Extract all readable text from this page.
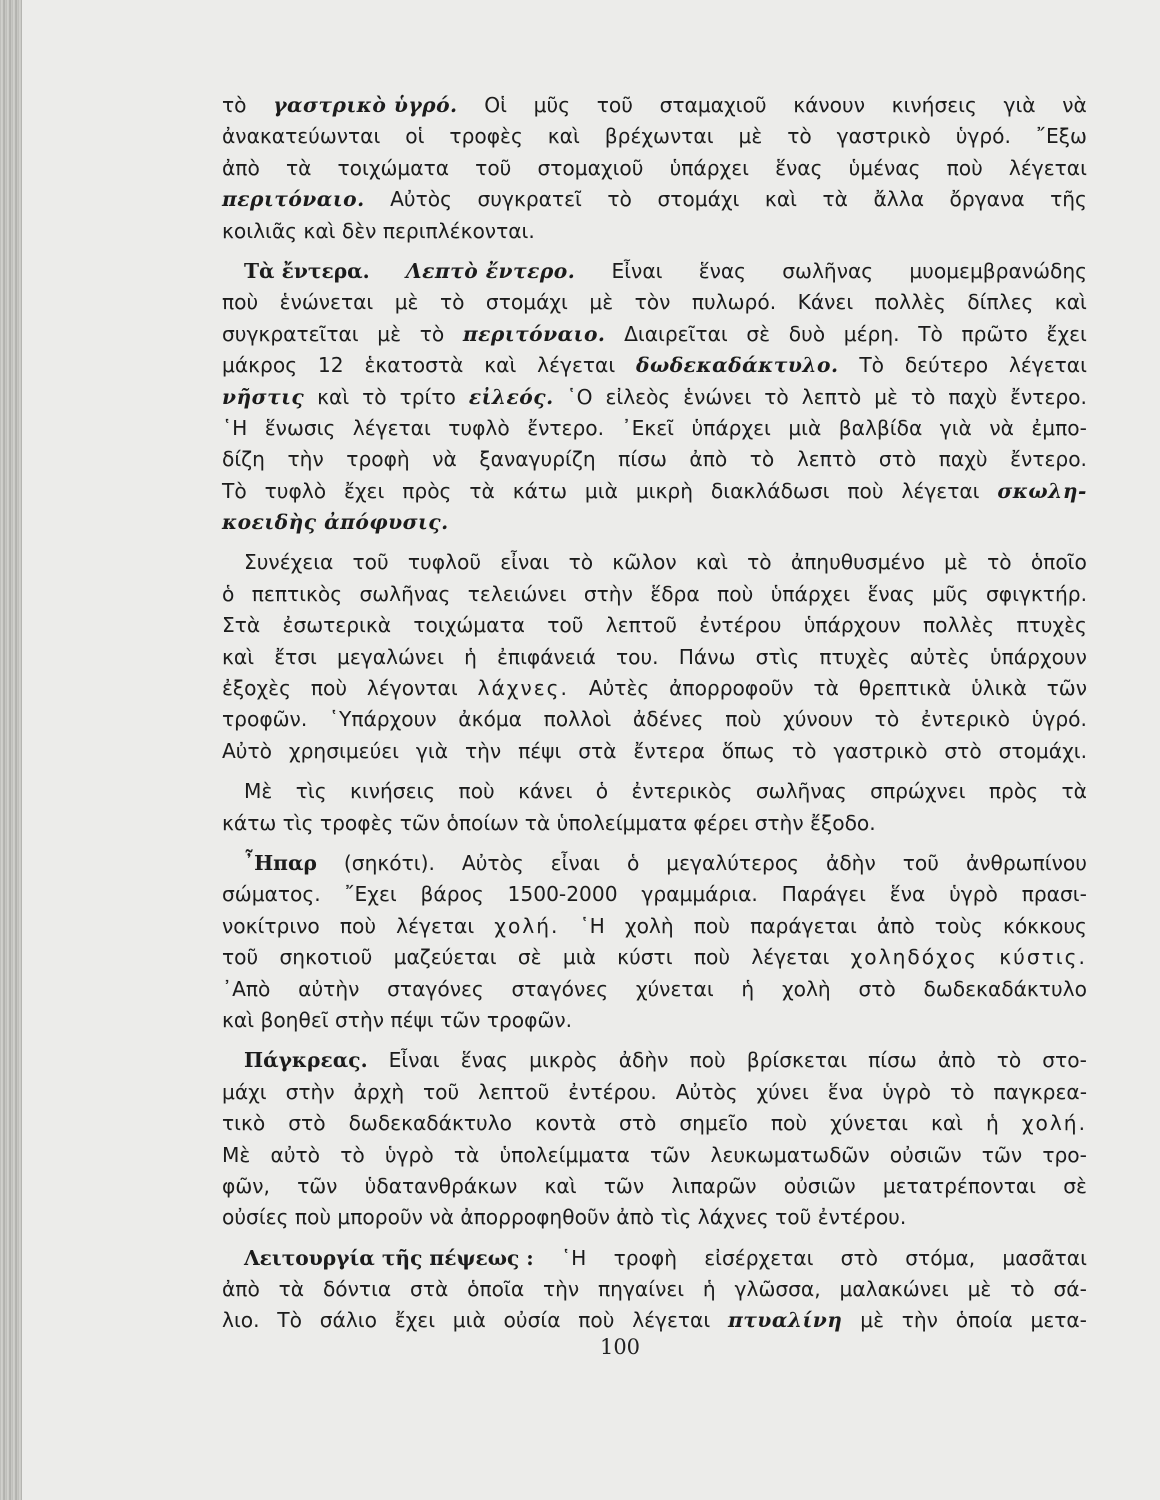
τὸ γαστρικὸ ὑγρό. Οἱ μῦς τοῦ σταμαχιοῦ κάνουν κινήσεις γιὰ νὰ
ἀνακατεύωνται οἱ τροφὲς καὶ βρέχωνται μὲ τὸ γαστρικὸ ὑγρό. ῎Εξω
ἀπὸ τὰ τοιχώματα τοῦ στομαχιοῦ ὑπάρχει ἕνας ὑμένας ποὺ λέγεται
περιτόναιο. Αὐτὸς συγκρατεῖ τὸ στομάχι καὶ τὰ ἄλλα ὄργανα τῆς
κοιλιᾶς καὶ δὲν περιπλέκονται.
Τὰ ἔντερα. Λεπτὸ ἔντερο. Εἶναι ἕνας σωλῆνας μυομεμβρανώδης
ποὺ ἑνώνεται μὲ τὸ στομάχι μὲ τὸν πυλωρό. Κάνει πολλὲς δίπλες καὶ
συγκρατεῖται μὲ τὸ περιτόναιο. Διαιρεῖται σὲ δυὸ μέρη. Τὸ πρῶτο ἔχει
μάκρος 12 ἑκατοστὰ καὶ λέγεται δωδεκαδάκτυλο. Τὸ δεύτερο λέγεται
νῆστις καὶ τὸ τρίτο εἰλεός. ῾Ο εἰλεὸς ἑνώνει τὸ λεπτὸ μὲ τὸ παχὺ ἔντερο.
῾Η ἕνωσις λέγεται τυφλὸ ἔντερο. ᾿Εκεῖ ὑπάρχει μιὰ βαλβίδα γιὰ νὰ ἐμπο-
δίζη τὴν τροφὴ νὰ ξαναγυρίζη πίσω ἀπὸ τὸ λεπτὸ στὸ παχὺ ἔντερο.
Τὸ τυφλὸ ἔχει πρὸς τὰ κάτω μιὰ μικρὴ διακλάδωσι ποὺ λέγεται σκωλη-
κοειδὴς ἀπόφυσις.
Συνέχεια τοῦ τυφλοῦ εἶναι τὸ κῶλον καὶ τὸ ἀπηυθυσμένο μὲ τὸ ὁποῖο
ὁ πεπτικὸς σωλῆνας τελειώνει στὴν ἕδρα ποὺ ὑπάρχει ἕνας μῦς σφιγκτήρ.
Στὰ ἐσωτερικὰ τοιχώματα τοῦ λεπτοῦ ἐντέρου ὑπάρχουν πολλὲς πτυχὲς
καὶ ἔτσι μεγαλώνει ἡ ἐπιφάνειά του. Πάνω στὶς πτυχὲς αὐτὲς ὑπάρχουν
ἐξοχὲς ποὺ λέγονται λάχνες. Αὐτὲς ἀπορροφοῦν τὰ θρεπτικὰ ὑλικὰ τῶν
τροφῶν. ῾Υπάρχουν ἀκόμα πολλοὶ ἀδένες ποὺ χύνουν τὸ ἐντερικὸ ὑγρό.
Αὐτὸ χρησιμεύει γιὰ τὴν πέψι στὰ ἔντερα ὅπως τὸ γαστρικὸ στὸ στομάχι.
Μὲ τὶς κινήσεις ποὺ κάνει ὁ ἐντερικὸς σωλῆνας σπρώχνει πρὸς τὰ
κάτω τὶς τροφὲς τῶν ὁποίων τὰ ὑπολείμματα φέρει στὴν ἔξοδο.
῏Ηπαρ (σηκότι). Αὐτὸς εἶναι ὁ μεγαλύτερος ἀδὴν τοῦ ἀνθρωπίνου
σώματος. ῎Εχει βάρος 1500-2000 γραμμάρια. Παράγει ἕνα ὑγρὸ πρασι-
νοκίτρινο ποὺ λέγεται χολή. ῾Η χολὴ ποὺ παράγεται ἀπὸ τοὺς κόκκους
τοῦ σηκοτιοῦ μαζεύεται σὲ μιὰ κύστι ποὺ λέγεται χοληδόχος κύστις.
᾿Απὸ αὐτὴν σταγόνες σταγόνες χύνεται ἡ χολὴ στὸ δωδεκαδάκτυλο
καὶ βοηθεῖ στὴν πέψι τῶν τροφῶν.
Πάγκρεας. Εἶναι ἕνας μικρὸς ἀδὴν ποὺ βρίσκεται πίσω ἀπὸ τὸ στο-
μάχι στὴν ἀρχὴ τοῦ λεπτοῦ ἐντέρου. Αὐτὸς χύνει ἕνα ὑγρὸ τὸ παγκρεα-
τικὸ στὸ δωδεκαδάκτυλο κοντὰ στὸ σημεῖο ποὺ χύνεται καὶ ἡ χολή.
Μὲ αὐτὸ τὸ ὑγρὸ τὰ ὑπολείμματα τῶν λευκωματωδῶν οὐσιῶν τῶν τρο-
φῶν, τῶν ὑδατανθράκων καὶ τῶν λιπαρῶν οὐσιῶν μετατρέπονται σὲ
οὐσίες ποὺ μποροῦν νὰ ἀπορροφηθοῦν ἀπὸ τὶς λάχνες τοῦ ἐντέρου.
Λειτουργία τῆς πέψεως : ῾Η τροφὴ εἰσέρχεται στὸ στόμα, μασᾶται
ἀπὸ τὰ δόντια στὰ ὁποῖα τὴν πηγαίνει ἡ γλῶσσα, μαλακώνει μὲ τὸ σά-
λιο. Τὸ σάλιο ἔχει μιὰ οὐσία ποὺ λέγεται πτυαλίνη μὲ τὴν ὁποία μετα-
100
